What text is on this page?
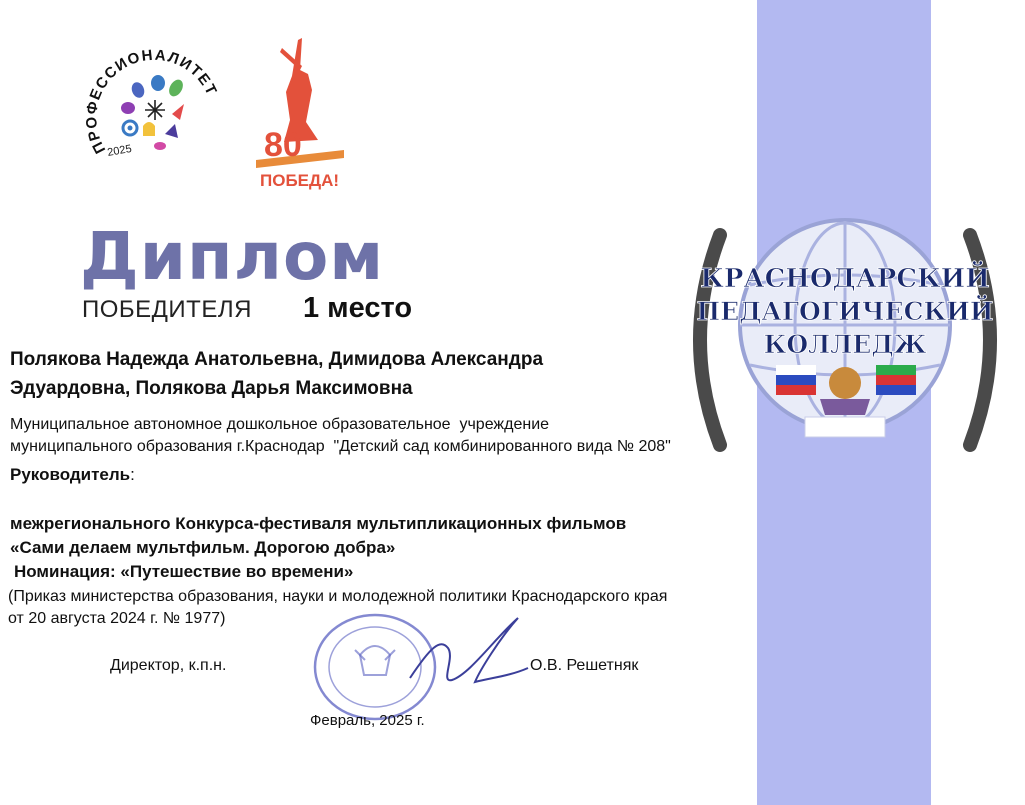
ПРОФЕССИОНАЛИТЕТ
2025	80
ПОБЕДА!
КРАСНОДАРСКИЙ
ПЕДАГОГИЧЕСКИЙ
КОЛЛЕДЖ
Диплом
ПОБЕДИТЕЛЯ 1 место
Полякова Надежда Анатольевна, Димидова Александра
Эдуардовна, Полякова Дарья Максимовна
Муниципальное автономное дошкольное образовательное  учреждение
муниципального образования г.Краснодар  "Детский сад комбинированного вида № 208"
Руководитель:
межрегионального Конкурса-фестиваля мультипликационных фильмов
«Сами делаем мультфильм. Дорогою добра»
Номинация: «Путешествие во времени»
(Приказ министерства образования, науки и молодежной политики Краснодарского края
от 20 августа 2024 г. № 1977)
Директор, к.п.н.	О.В. Решетняк
Февраль, 2025 г.
